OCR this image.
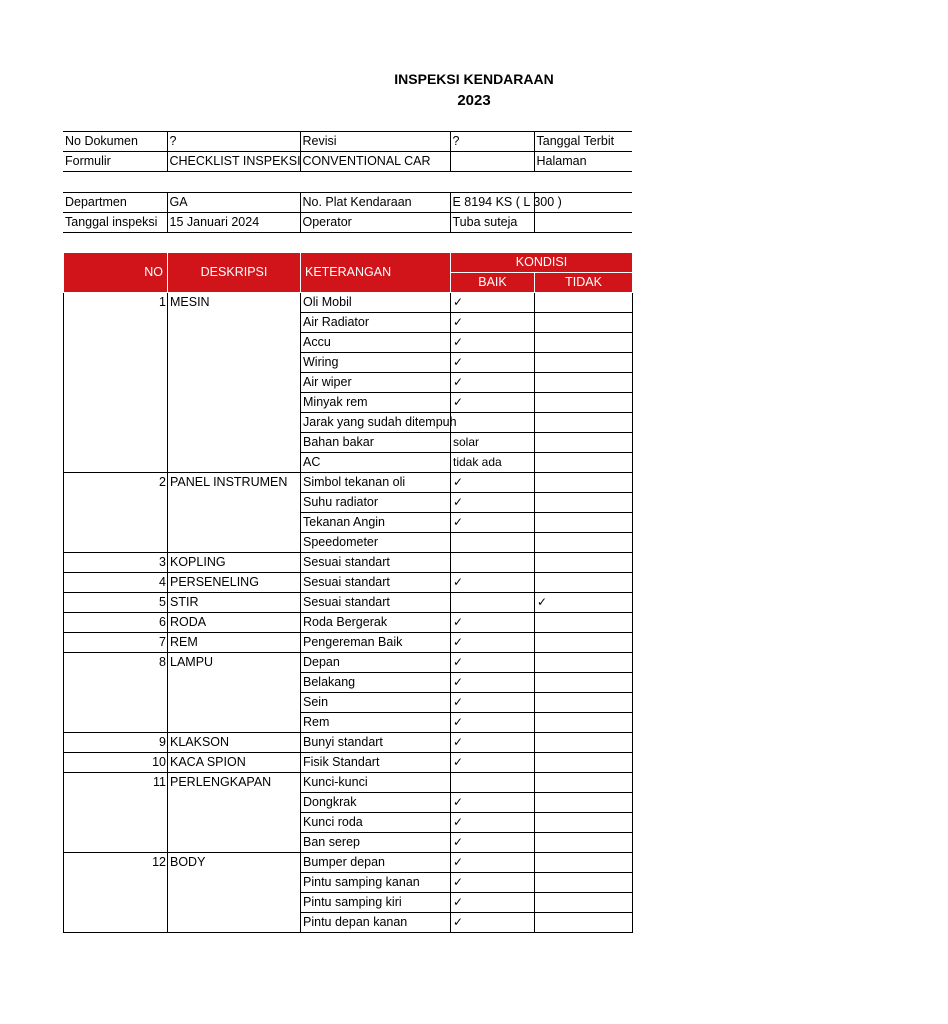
INSPEKSI KENDARAAN
2023
No Dokumen	?	Revisi	?	Tanggal Terbit
Formulir	CHECKLIST INSPEKSI	CONVENTIONAL CAR		Halaman
Departmen	GA	No. Plat Kendaraan	E 8194 KS ( L 300 )	
Tanggal inspeksi	15 Januari 2024	Operator	Tuba suteja	
NO	DESKRIPSI	KETERANGAN	KONDISI	
			BAIK	TIDAK
1	MESIN	Oli Mobil	✓	
		Air Radiator	✓	
		Accu	✓	
		Wiring	✓	
		Air wiper	✓	
		Minyak rem	✓	
		Jarak yang sudah ditempuh		
		Bahan bakar	solar	
		AC	tidak ada	
2	PANEL INSTRUMEN	Simbol tekanan oli	✓	
		Suhu radiator	✓	
		Tekanan Angin	✓	
		Speedometer		
3	KOPLING	Sesuai standart		
4	PERSENELING	Sesuai standart	✓	
5	STIR	Sesuai standart		✓
6	RODA	Roda Bergerak	✓	
7	REM	Pengereman Baik	✓	
8	LAMPU	Depan	✓	
		Belakang	✓	
		Sein	✓	
		Rem	✓	
9	KLAKSON	Bunyi standart	✓	
10	KACA SPION	Fisik Standart	✓	
11	PERLENGKAPAN	Kunci-kunci		
		Dongkrak	✓	
		Kunci roda	✓	
		Ban serep	✓	
12	BODY	Bumper depan	✓	
		Pintu samping kanan	✓	
		Pintu samping kiri	✓	
		Pintu depan kanan	✓	
